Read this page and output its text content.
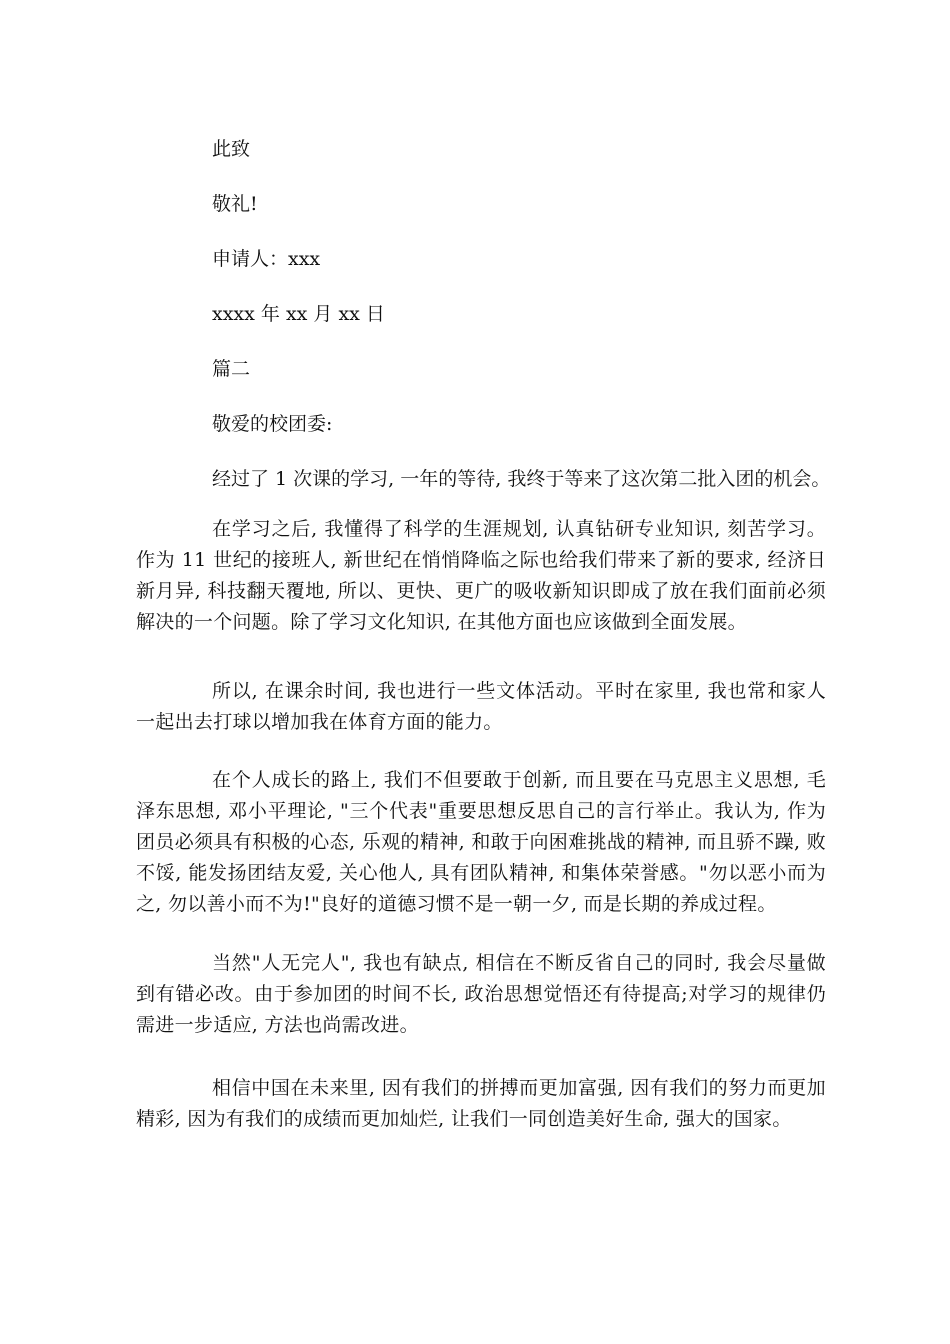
此致
敬礼!
申请人：xxx
xxxx 年 xx 月 xx 日
篇二
敬爱的校团委:
经过了 1 次课的学习, 一年的等待, 我终于等来了这次第二批入团的机会。
在学习之后, 我懂得了科学的生涯规划, 认真钻研专业知识, 刻苦学习。作为 11 世纪的接班人, 新世纪在悄悄降临之际也给我们带来了新的要求, 经济日新月异, 科技翻天覆地, 所以、更快、更广的吸收新知识即成了放在我们面前必须解决的一个问题。除了学习文化知识, 在其他方面也应该做到全面发展。
所以, 在课余时间, 我也进行一些文体活动。平时在家里, 我也常和家人一起出去打球以增加我在体育方面的能力。
在个人成长的路上, 我们不但要敢于创新, 而且要在马克思主义思想, 毛泽东思想, 邓小平理论, "三个代表"重要思想反思自己的言行举止。我认为, 作为团员必须具有积极的心态, 乐观的精神, 和敢于向困难挑战的精神, 而且骄不躁, 败不馁, 能发扬团结友爱, 关心他人, 具有团队精神, 和集体荣誉感。"勿以恶小而为之, 勿以善小而不为!"良好的道德习惯不是一朝一夕, 而是长期的养成过程。
当然"人无完人", 我也有缺点, 相信在不断反省自己的同时, 我会尽量做到有错必改。由于参加团的时间不长, 政治思想觉悟还有待提高;对学习的规律仍需进一步适应, 方法也尚需改进。
相信中国在未来里, 因有我们的拼搏而更加富强, 因有我们的努力而更加精彩, 因为有我们的成绩而更加灿烂, 让我们一同创造美好生命, 强大的国家。
